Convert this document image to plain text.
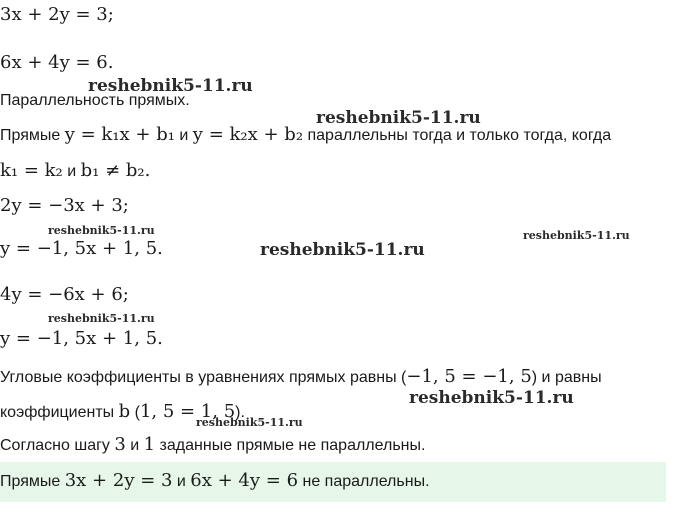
3x + 2y = 3;
6x + 4y = 6.
Параллельность прямых.
Прямые y = k₁x + b₁ и y = k₂x + b₂ параллельны тогда и только тогда, когда
k₁ = k₂ и b₁ ≠ b₂.
2y = −3x + 3;
y = −1, 5x + 1, 5.
4y = −6x + 6;
y = −1, 5x + 1, 5.
Угловые коэффициенты в уравнениях прямых равны (−1, 5 = −1, 5) и равны
коэффициенты b (1, 5 = 1, 5).
Согласно шагу 3 и 1 заданные прямые не параллельны.
Прямые 3x + 2y = 3 и 6x + 4y = 6 не параллельны.
reshebnik5-11.ru
reshebnik5-11.ru
reshebnik5-11.ru
reshebnik5-11.ru
reshebnik5-11.ru
reshebnik5-11.ru
reshebnik5-11.ru
reshebnik5-11.ru
